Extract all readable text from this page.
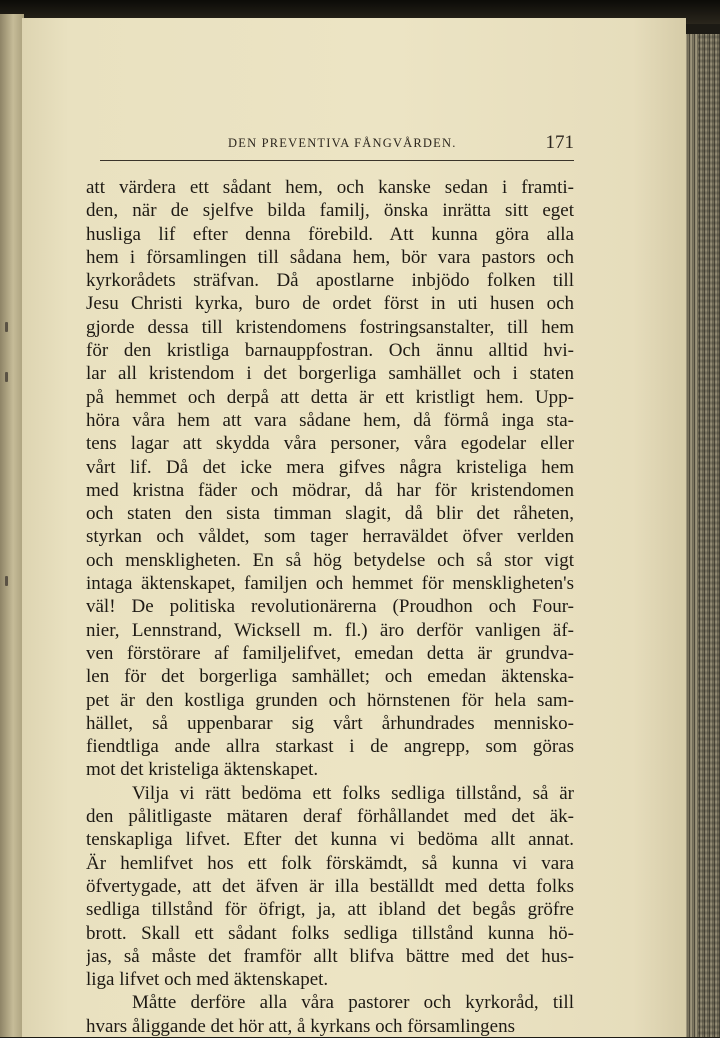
DEN PREVENTIVA FÅNGVÅRDEN.	171
att värdera ett sådant hem, och kanske sedan i framti-
den, när de sjelfve bilda familj, önska inrätta sitt eget
husliga lif efter denna förebild. Att kunna göra alla
hem i församlingen till sådana hem, bör vara pastors och
kyrkorådets sträfvan. Då apostlarne inbjödo folken till
Jesu Christi kyrka, buro de ordet först in uti husen och
gjorde dessa till kristendomens fostringsanstalter, till hem
för den kristliga barnauppfostran. Och ännu alltid hvi-
lar all kristendom i det borgerliga samhället och i staten
på hemmet och derpå att detta är ett kristligt hem. Upp-
höra våra hem att vara sådane hem, då förmå inga sta-
tens lagar att skydda våra personer, våra egodelar eller
vårt lif. Då det icke mera gifves några kristeliga hem
med kristna fäder och mödrar, då har för kristendomen
och staten den sista timman slagit, då blir det råheten,
styrkan och våldet, som tager herraväldet öfver verlden
och menskligheten. En så hög betydelse och så stor vigt
intaga äktenskapet, familjen och hemmet för menskligheten's
väl! De politiska revolutionärerna (Proudhon och Four-
nier, Lennstrand, Wicksell m. fl.) äro derför vanligen äf-
ven förstörare af familjelifvet, emedan detta är grundva-
len för det borgerliga samhället; och emedan äktenska-
pet är den kostliga grunden och hörnstenen för hela sam-
hället, så uppenbarar sig vårt århundrades mennisko-
fiendtliga ande allra starkast i de angrepp, som göras
mot det kristeliga äktenskapet.
Vilja vi rätt bedöma ett folks sedliga tillstånd, så är
den pålitligaste mätaren deraf förhållandet med det äk-
tenskapliga lifvet. Efter det kunna vi bedöma allt annat.
Är hemlifvet hos ett folk förskämdt, så kunna vi vara
öfvertygade, att det äfven är illa beställdt med detta folks
sedliga tillstånd för öfrigt, ja, att ibland det begås gröfre
brott. Skall ett sådant folks sedliga tillstånd kunna hö-
jas, så måste det framför allt blifva bättre med det hus-
liga lifvet och med äktenskapet.
Måtte derföre alla våra pastorer och kyrkoråd, till
hvars åliggande det hör att, å kyrkans och församlingens
